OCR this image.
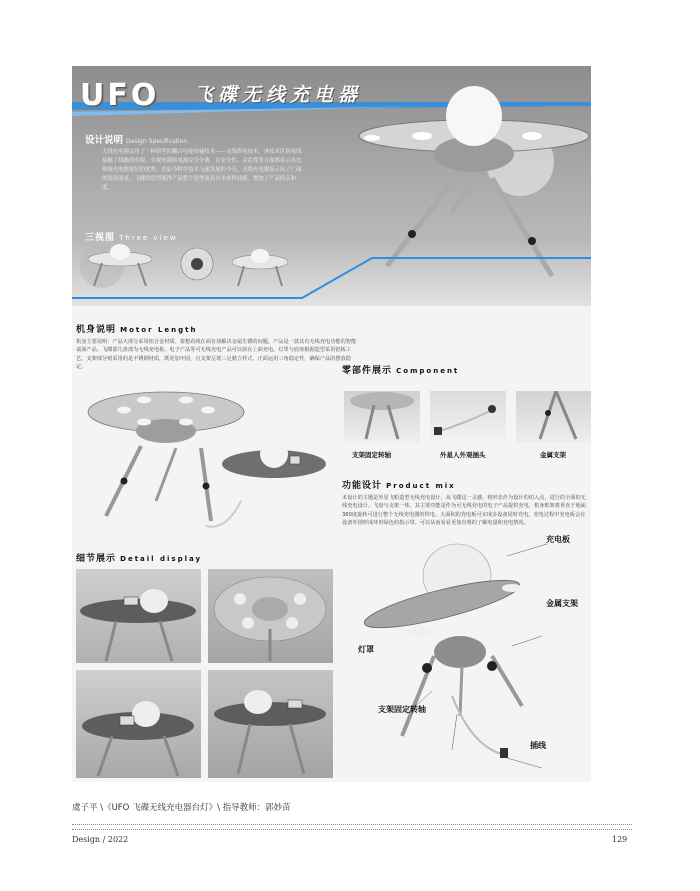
UFO 飞碟无线充电器
设计说明 Design Specification
无线充电器运用了一种新型的耦合电能传输技术——无线供电技术。该技术区别电线接触了线路的有限，实现电器和电源完全分离。在安全性、灵活性等方面都显示出比传统充电器更好的优势。在如今科学技术飞速发展的今天，无线充电器显示出了广阔的发展前景。飞碟的造型使得产品整个造型更具有未来科技感，增加了产品的亲和度。
三视图 Three view
机身说明 Motor Length
机身主要说明：产品大部分采用铝合金材质。要想看现在面有效解决金属生锈的问题，产品是一款具有无线充电功能的智能桌面产品。飞碟部几盘部为无线充电板，电子产品等可无线充电产品可以放在上面充电。灯罩与底座根据造型采用铝板工艺。支架部分则采用的是不锈钢材质，既更加牢固，且支架呈现三足鼎立样式。正面运用三角稳定性，确保产品的摆放稳定。	零部件展示 Component
支架固定转轴	外星人外观插头	金属支架
功能设计 Product mix
本设计的主题是外星飞船造型无线充电设计，从飞碟这一灵感，将形态作为设计的切入点，进行的全面的无线充电设计。飞盘与支架一体，其主要功能是作为可无线充电的电子产品提供充电，机身框架将垂直于地面360度旋转可进行整个无线充电器的供电。大面积的充电板可实现多设备同时充电，充电过程中充电板会在设备外围形成环形绿色的指示带。可以从而看看更加直观的了解电量和充电情况。
细节展示 Detail display
充电板
金属支架
灯罩
支架固定转轴
插线
虞子平 \《UFO 飞碟无线充电器台灯》\ 指导教师：郭妙苗
Design / 2022	129
